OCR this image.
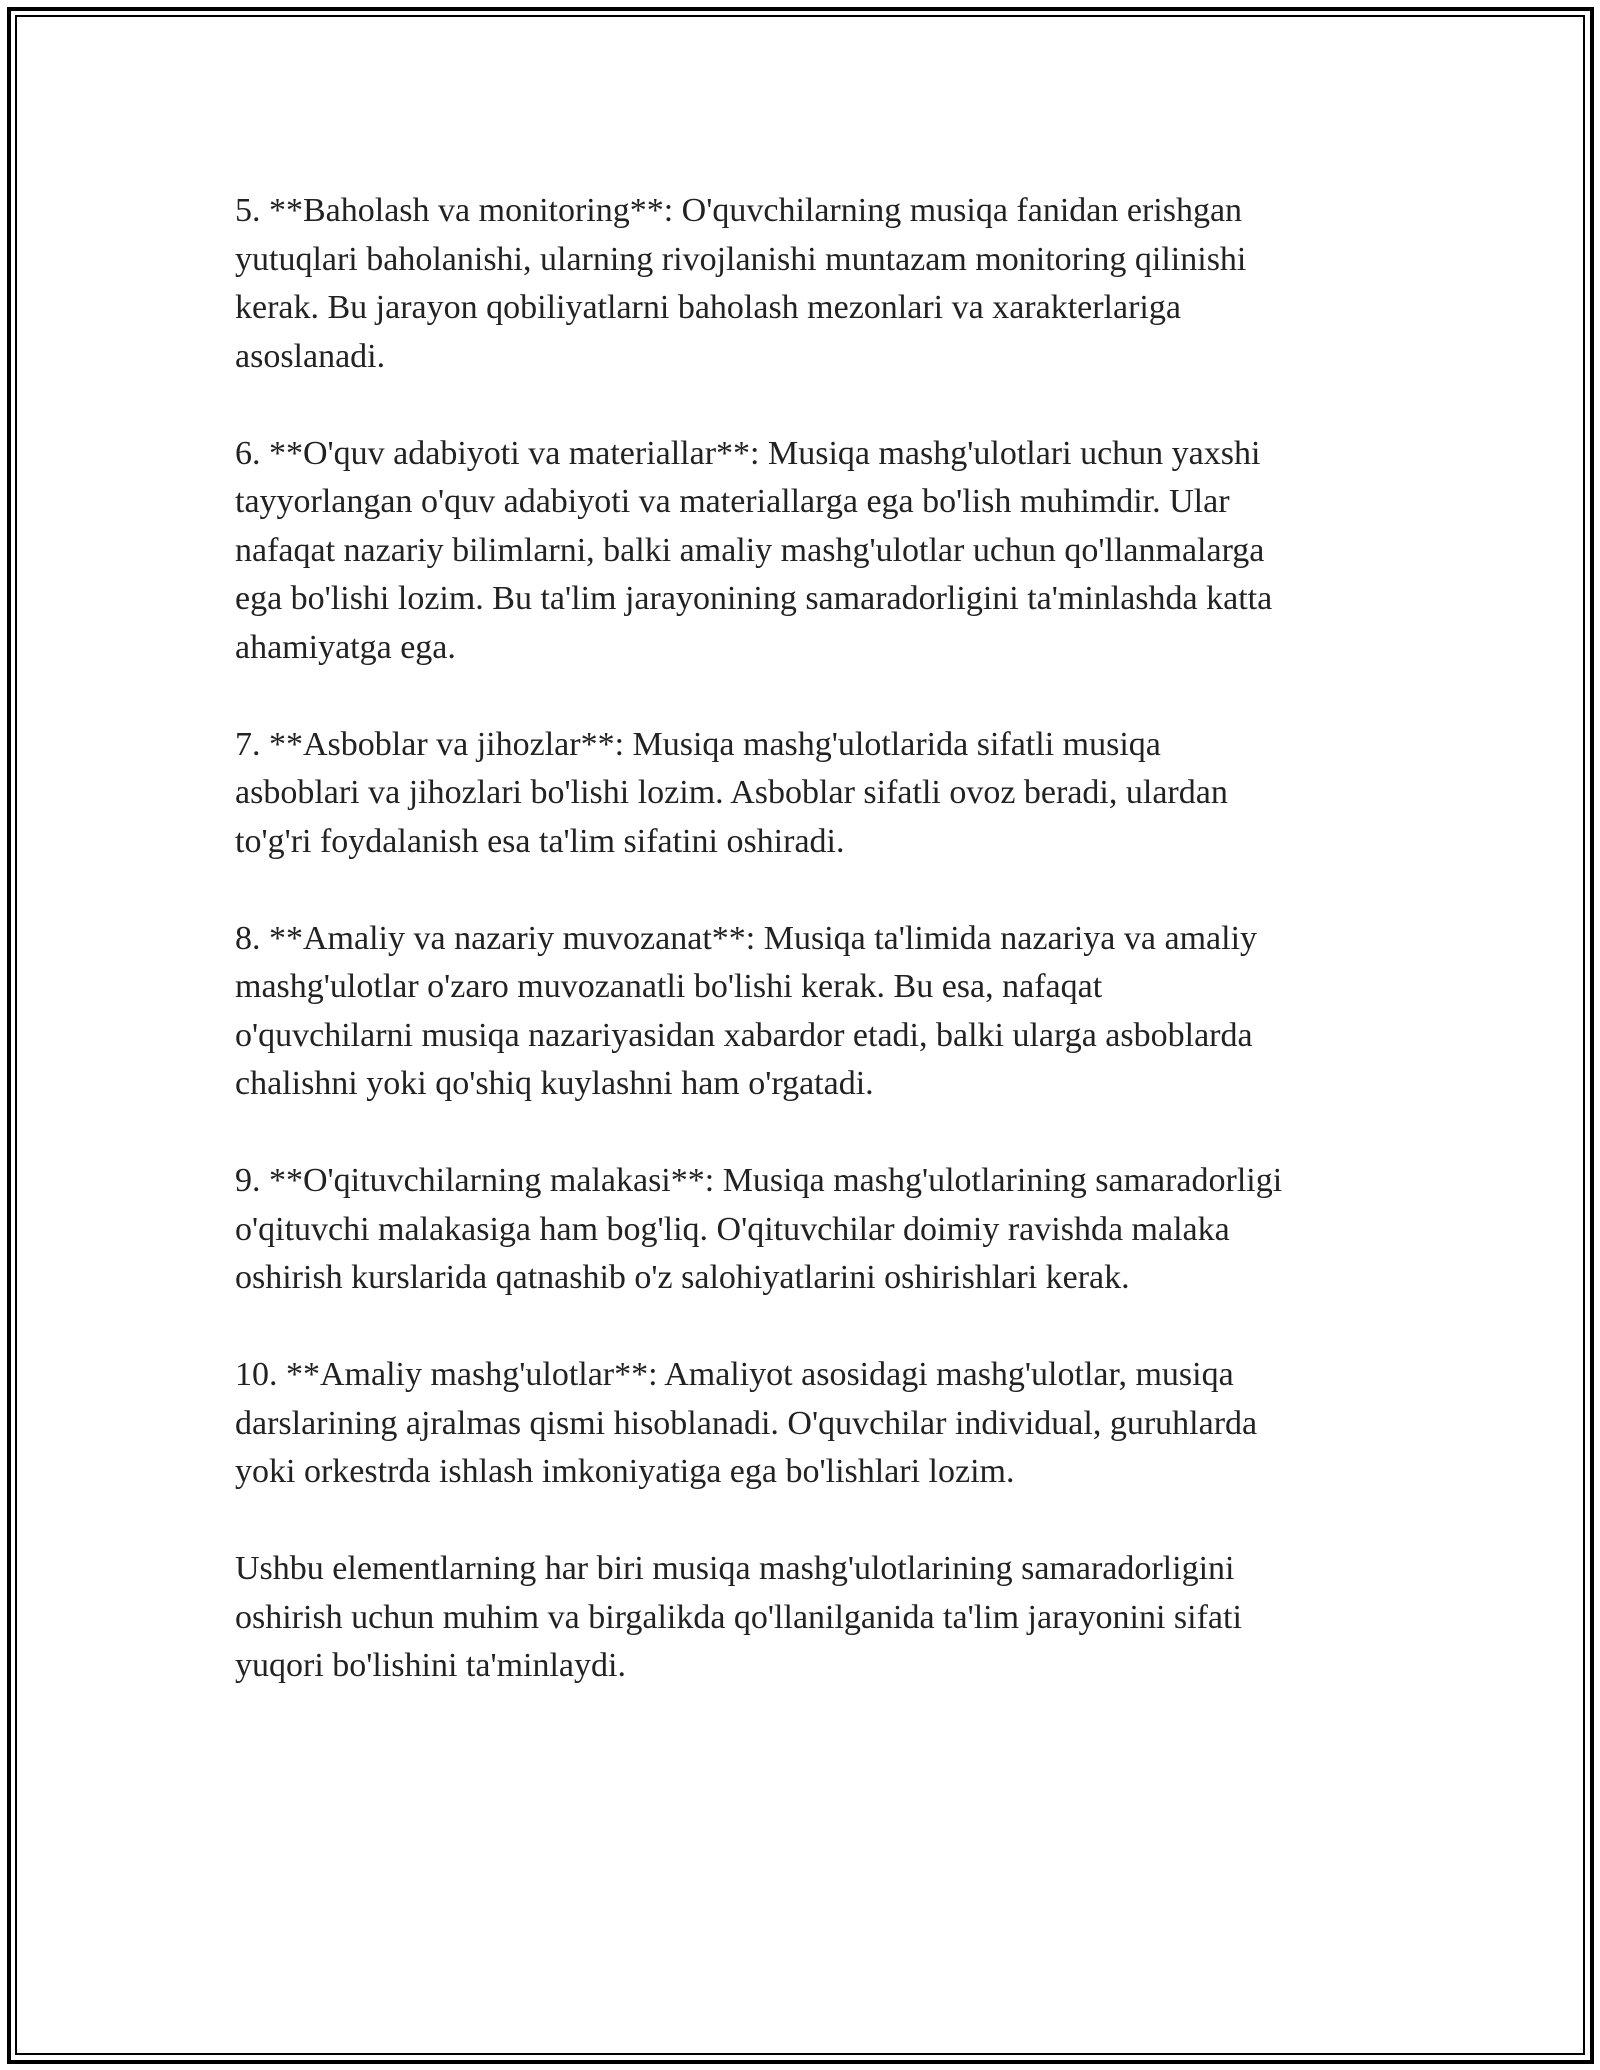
5. **Baholash va monitoring**: O'quvchilarning musiqa fanidan erishgan
yutuqlari baholanishi, ularning rivojlanishi muntazam monitoring qilinishi
kerak. Bu jarayon qobiliyatlarni baholash mezonlari va xarakterlariga
asoslanadi.

6. **O'quv adabiyoti va materiallar**: Musiqa mashg'ulotlari uchun yaxshi
tayyorlangan o'quv adabiyoti va materiallarga ega bo'lish muhimdir. Ular
nafaqat nazariy bilimlarni, balki amaliy mashg'ulotlar uchun qo'llanmalarga
ega bo'lishi lozim. Bu ta'lim jarayonining samaradorligini ta'minlashda katta
ahamiyatga ega.

7. **Asboblar va jihozlar**: Musiqa mashg'ulotlarida sifatli musiqa
asboblari va jihozlari bo'lishi lozim. Asboblar sifatli ovoz beradi, ulardan
to'g'ri foydalanish esa ta'lim sifatini oshiradi.

8. **Amaliy va nazariy muvozanat**: Musiqa ta'limida nazariya va amaliy
mashg'ulotlar o'zaro muvozanatli bo'lishi kerak. Bu esa, nafaqat
o'quvchilarni musiqa nazariyasidan xabardor etadi, balki ularga asboblarda
chalishni yoki qo'shiq kuylashni ham o'rgatadi.

9. **O'qituvchilarning malakasi**: Musiqa mashg'ulotlarining samaradorligi
o'qituvchi malakasiga ham bog'liq. O'qituvchilar doimiy ravishda malaka
oshirish kurslarida qatnashib o'z salohiyatlarini oshirishlari kerak.

10. **Amaliy mashg'ulotlar**: Amaliyot asosidagi mashg'ulotlar, musiqa
darslarining ajralmas qismi hisoblanadi. O'quvchilar individual, guruhlarda
yoki orkestrda ishlash imkoniyatiga ega bo'lishlari lozim.

Ushbu elementlarning har biri musiqa mashg'ulotlarining samaradorligini
oshirish uchun muhim va birgalikda qo'llanilganida ta'lim jarayonini sifati
yuqori bo'lishini ta'minlaydi.
